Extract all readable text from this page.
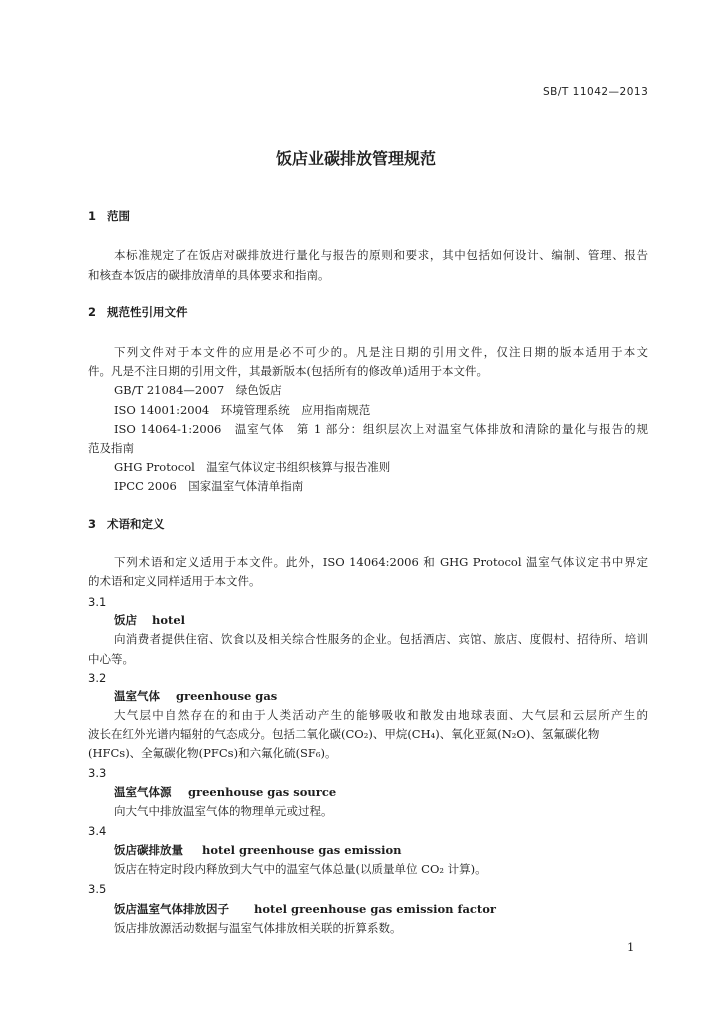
SB/T 11042—2013
饭店业碳排放管理规范
1 范围
本标准规定了在饭店对碳排放进行量化与报告的原则和要求，其中包括如何设计、编制、管理、报告
和核查本饭店的碳排放清单的具体要求和指南。
2 规范性引用文件
下列文件对于本文件的应用是必不可少的。凡是注日期的引用文件，仅注日期的版本适用于本文
件。凡是不注日期的引用文件，其最新版本(包括所有的修改单)适用于本文件。
GB/T 21084—2007　绿色饭店
ISO 14001:2004　环境管理系统　应用指南规范
ISO 14064-1:2006　温室气体　第 1 部分：组织层次上对温室气体排放和清除的量化与报告的规
范及指南
GHG Protocol　温室气体议定书组织核算与报告准则
IPCC 2006　国家温室气体清单指南
3 术语和定义
下列术语和定义适用于本文件。此外，ISO 14064:2006 和 GHG Protocol 温室气体议定书中界定
的术语和定义同样适用于本文件。
3.1
饭店 hotel
向消费者提供住宿、饮食以及相关综合性服务的企业。包括酒店、宾馆、旅店、度假村、招待所、培训
中心等。
3.2
温室气体 greenhouse gas
大气层中自然存在的和由于人类活动产生的能够吸收和散发由地球表面、大气层和云层所产生的
波长在红外光谱内辐射的气态成分。包括二氧化碳(CO₂)、甲烷(CH₄)、氧化亚氮(N₂O)、氢氟碳化物
(HFCs)、全氟碳化物(PFCs)和六氟化硫(SF₆)。
3.3
温室气体源 greenhouse gas source
向大气中排放温室气体的物理单元或过程。
3.4
饭店碳排放量 hotel greenhouse gas emission
饭店在特定时段内释放到大气中的温室气体总量(以质量单位 CO₂ 计算)。
3.5
饭店温室气体排放因子 hotel greenhouse gas emission factor
饭店排放源活动数据与温室气体排放相关联的折算系数。
1
